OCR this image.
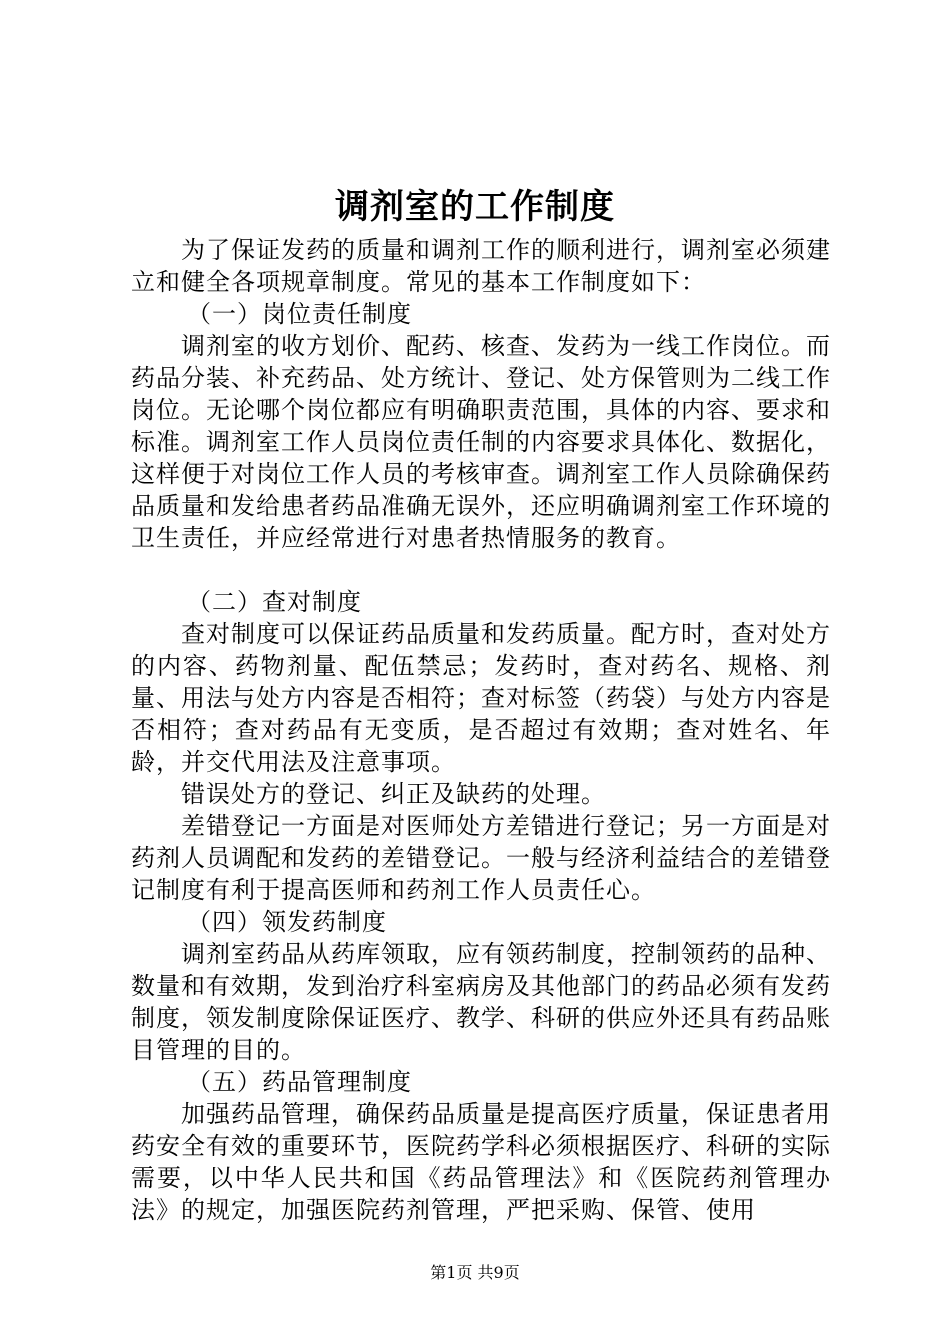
调剂室的工作制度

为了保证发药的质量和调剂工作的顺利进行，调剂室必须建立和健全各项规章制度。常见的基本工作制度如下：

（一）岗位责任制度

调剂室的收方划价、配药、核查、发药为一线工作岗位。而药品分装、补充药品、处方统计、登记、处方保管则为二线工作岗位。无论哪个岗位都应有明确职责范围，具体的内容、要求和标准。调剂室工作人员岗位责任制的内容要求具体化、数据化，这样便于对岗位工作人员的考核审查。调剂室工作人员除确保药品质量和发给患者药品准确无误外，还应明确调剂室工作环境的卫生责任，并应经常进行对患者热情服务的教育。

（二）查对制度

查对制度可以保证药品质量和发药质量。配方时，查对处方的内容、药物剂量、配伍禁忌；发药时，查对药名、规格、剂量、用法与处方内容是否相符；查对标签（药袋）与处方内容是否相符；查对药品有无变质，是否超过有效期；查对姓名、年龄，并交代用法及注意事项。

错误处方的登记、纠正及缺药的处理。

差错登记一方面是对医师处方差错进行登记；另一方面是对药剂人员调配和发药的差错登记。一般与经济利益结合的差错登记制度有利于提高医师和药剂工作人员责任心。

（四）领发药制度

调剂室药品从药库领取，应有领药制度，控制领药的品种、数量和有效期，发到治疗科室病房及其他部门的药品必须有发药制度，领发制度除保证医疗、教学、科研的供应外还具有药品账目管理的目的。

（五）药品管理制度

加强药品管理，确保药品质量是提高医疗质量，保证患者用药安全有效的重要环节，医院药学科必须根据医疗、科研的实际需要，以中华人民共和国《药品管理法》和《医院药剂管理办法》的规定，加强医院药剂管理，严把采购、保管、使用

第1页 共9页
